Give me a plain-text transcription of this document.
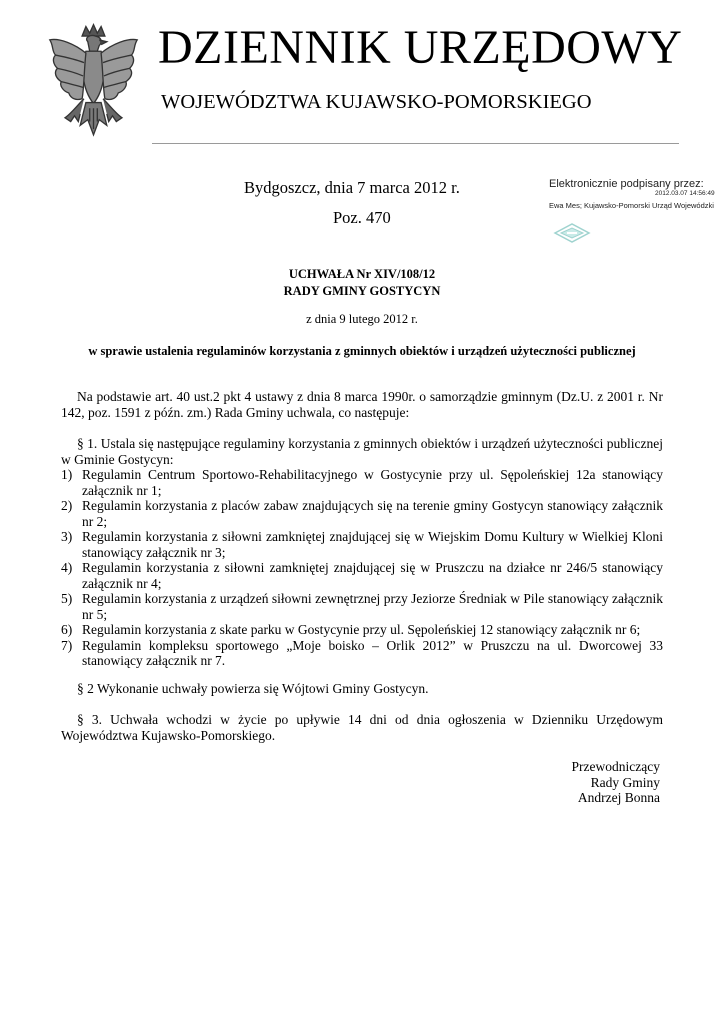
DZIENNIK URZĘDOWY
WOJEWÓDZTWA KUJAWSKO-POMORSKIEGO
Bydgoszcz, dnia 7 marca 2012 r.
Poz. 470
Elektronicznie podpisany przez:
2012.03.07 14:56:49
Ewa Mes; Kujawsko-Pomorski Urząd Wojewódzki
UCHWAŁA Nr XIV/108/12
RADY GMINY GOSTYCYN
z dnia 9 lutego 2012 r.
w sprawie ustalenia regulaminów korzystania z gminnych obiektów i urządzeń użyteczności publicznej
Na podstawie art. 40 ust.2 pkt 4 ustawy z dnia 8 marca 1990r. o samorządzie gminnym (Dz.U. z 2001 r. Nr 142, poz. 1591 z późn. zm.) Rada Gminy uchwala, co następuje:
§ 1. Ustala się następujące regulaminy korzystania z gminnych obiektów i urządzeń użyteczności publicznej w Gminie Gostycyn:
1) Regulamin Centrum Sportowo-Rehabilitacyjnego w Gostycynie przy ul. Sępoleńskiej 12a stanowiący załącznik nr 1;
2) Regulamin korzystania z placów zabaw znajdujących się na terenie gminy Gostycyn stanowiący załącznik nr 2;
3) Regulamin korzystania z siłowni zamkniętej znajdującej się w Wiejskim Domu Kultury w Wielkiej Kloni stanowiący załącznik nr 3;
4) Regulamin korzystania z siłowni zamkniętej znajdującej się w Pruszczu na działce nr 246/5 stanowiący załącznik nr 4;
5) Regulamin korzystania z urządzeń siłowni zewnętrznej przy Jeziorze Średniak w Pile stanowiący załącznik nr 5;
6) Regulamin korzystania z skate parku w Gostycynie przy ul. Sępoleńskiej 12 stanowiący załącznik nr 6;
7) Regulamin kompleksu sportowego „Moje boisko – Orlik 2012” w Pruszczu na ul. Dworcowej 33 stanowiący załącznik nr 7.
§ 2 Wykonanie uchwały powierza się Wójtowi Gminy Gostycyn.
§ 3. Uchwała wchodzi w życie po upływie 14 dni od dnia ogłoszenia w Dzienniku Urzędowym Województwa Kujawsko-Pomorskiego.
Przewodniczący
Rady Gminy
Andrzej Bonna
